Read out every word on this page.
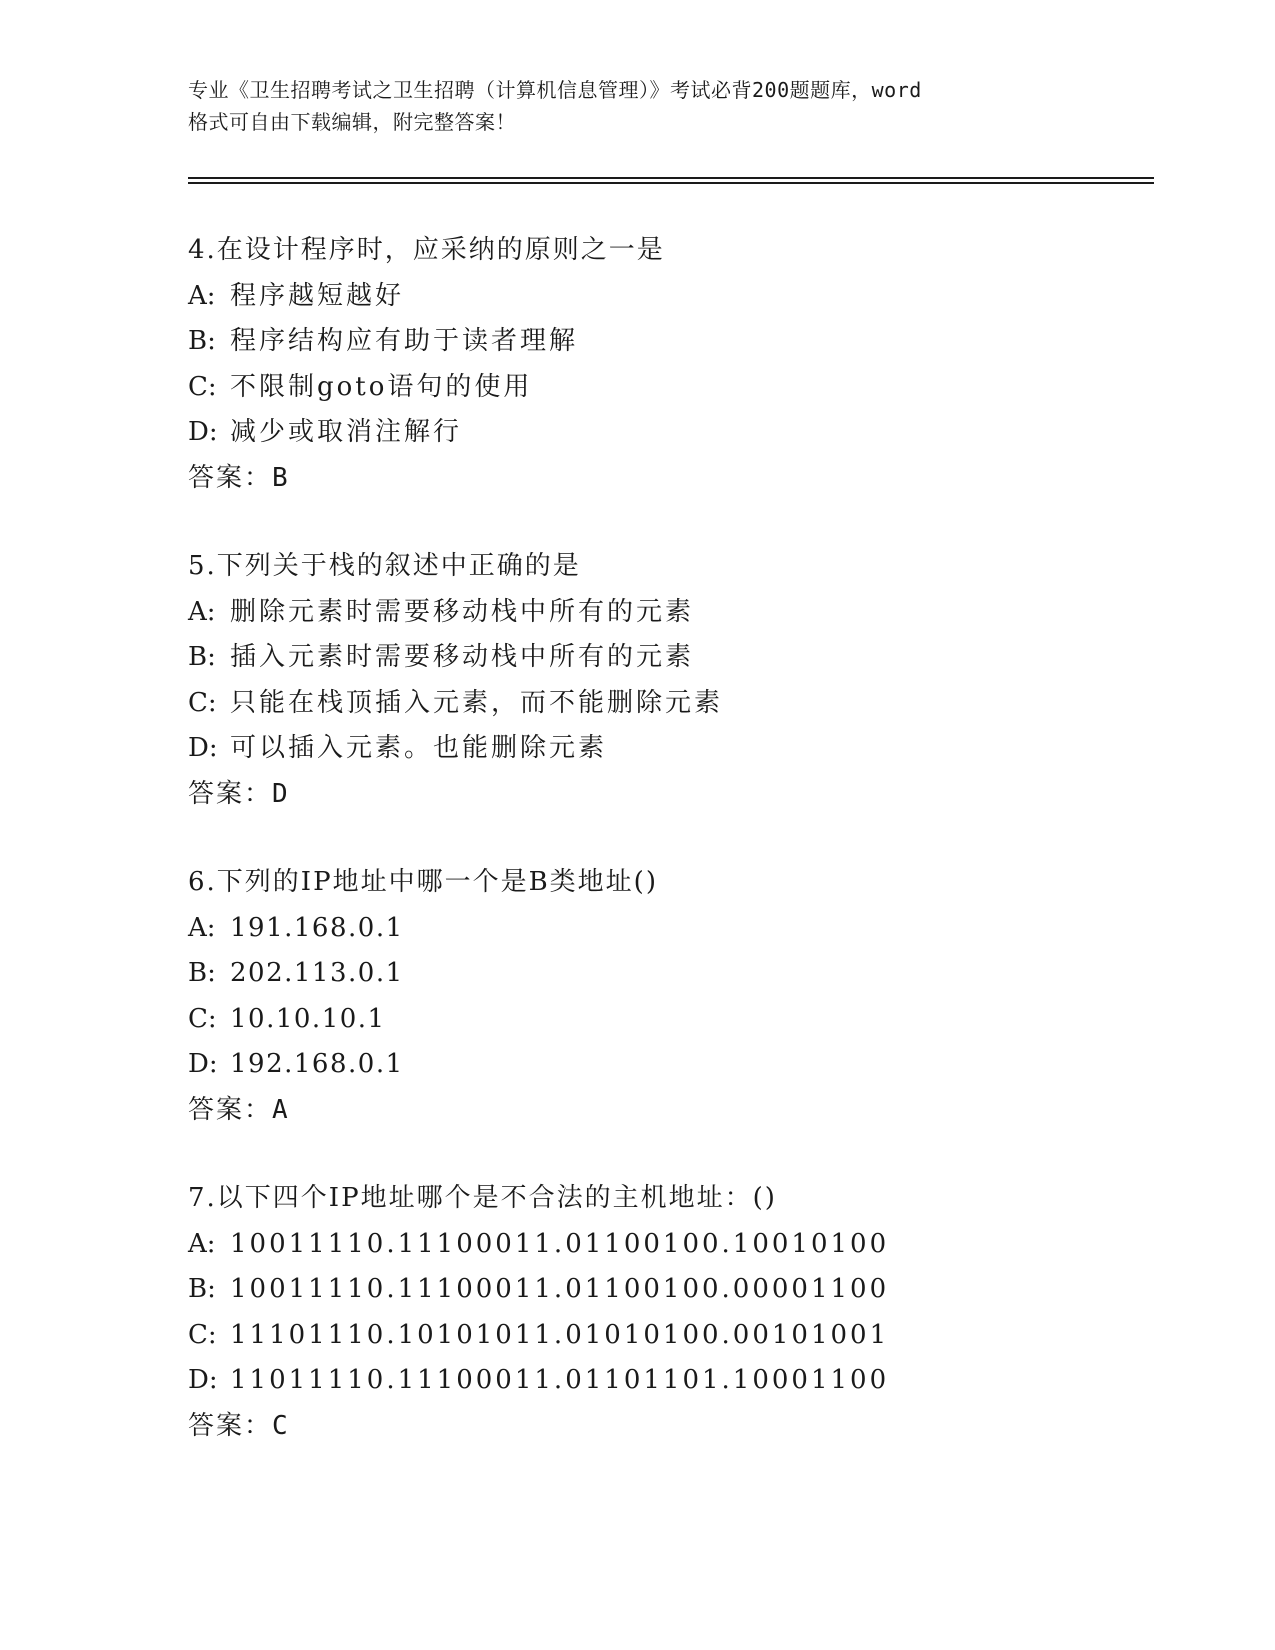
专业《卫生招聘考试之卫生招聘（计算机信息管理）》考试必背200题题库，word
格式可自由下载编辑，附完整答案！
4.在设计程序时，应采纳的原则之一是
A: 程序越短越好
B: 程序结构应有助于读者理解
C: 不限制goto语句的使用
D: 减少或取消注解行
答案：B
5.下列关于栈的叙述中正确的是
A: 删除元素时需要移动栈中所有的元素
B: 插入元素时需要移动栈中所有的元素
C: 只能在栈顶插入元素，而不能删除元素
D: 可以插入元素。也能删除元素
答案：D
6.下列的IP地址中哪一个是B类地址()
A: 191.168.0.1
B: 202.113.0.1
C: 10.10.10.1
D: 192.168.0.1
答案：A
7.以下四个IP地址哪个是不合法的主机地址：()
A: 10011110.11100011.01100100.10010100
B: 10011110.11100011.01100100.00001100
C: 11101110.10101011.01010100.00101001
D: 11011110.11100011.01101101.10001100
答案：C
